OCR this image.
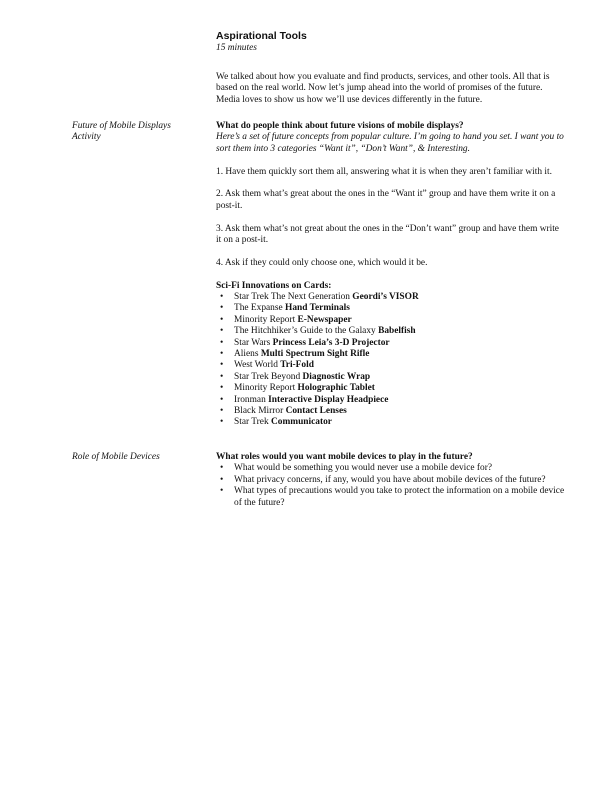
Aspirational Tools
15 minutes

We talked about how you evaluate and find products, services, and other tools. All that is based on the real world. Now let’s jump ahead into the world of promises of the future. Media loves to show us how we’ll use devices differently in the future.

Future of Mobile Displays
Activity

What do people think about future visions of mobile displays?

Here’s a set of future concepts from popular culture. I’m going to hand you set. I want you to sort them into 3 categories “Want it”, “Don’t Want”, & Interesting.

1. Have them quickly sort them all, answering what it is when they aren’t familiar with it.

2. Ask them what’s great about the ones in the “Want it” group and have them write it on a post-it.

3. Ask them what’s not great about the ones in the “Don’t want” group and have them write it on a post-it.

4. Ask if they could only choose one, which would it be.

Sci-Fi Innovations on Cards:

• Star Trek The Next Generation Geordi’s VISOR
• The Expanse Hand Terminals
• Minority Report E-Newspaper
• The Hitchhiker’s Guide to the Galaxy Babelfish
• Star Wars Princess Leia’s 3-D Projector
• Aliens Multi Spectrum Sight Rifle
• West World Tri-Fold
• Star Trek Beyond Diagnostic Wrap
• Minority Report Holographic Tablet
• Ironman Interactive Display Headpiece
• Black Mirror Contact Lenses
• Star Trek Communicator
Role of Mobile Devices	What roles would you want mobile devices to play in the future?

• What would be something you would never use a mobile device for?
• What privacy concerns, if any, would you have about mobile devices of the future?
• What types of precautions would you take to protect the information on a mobile device of the future?
